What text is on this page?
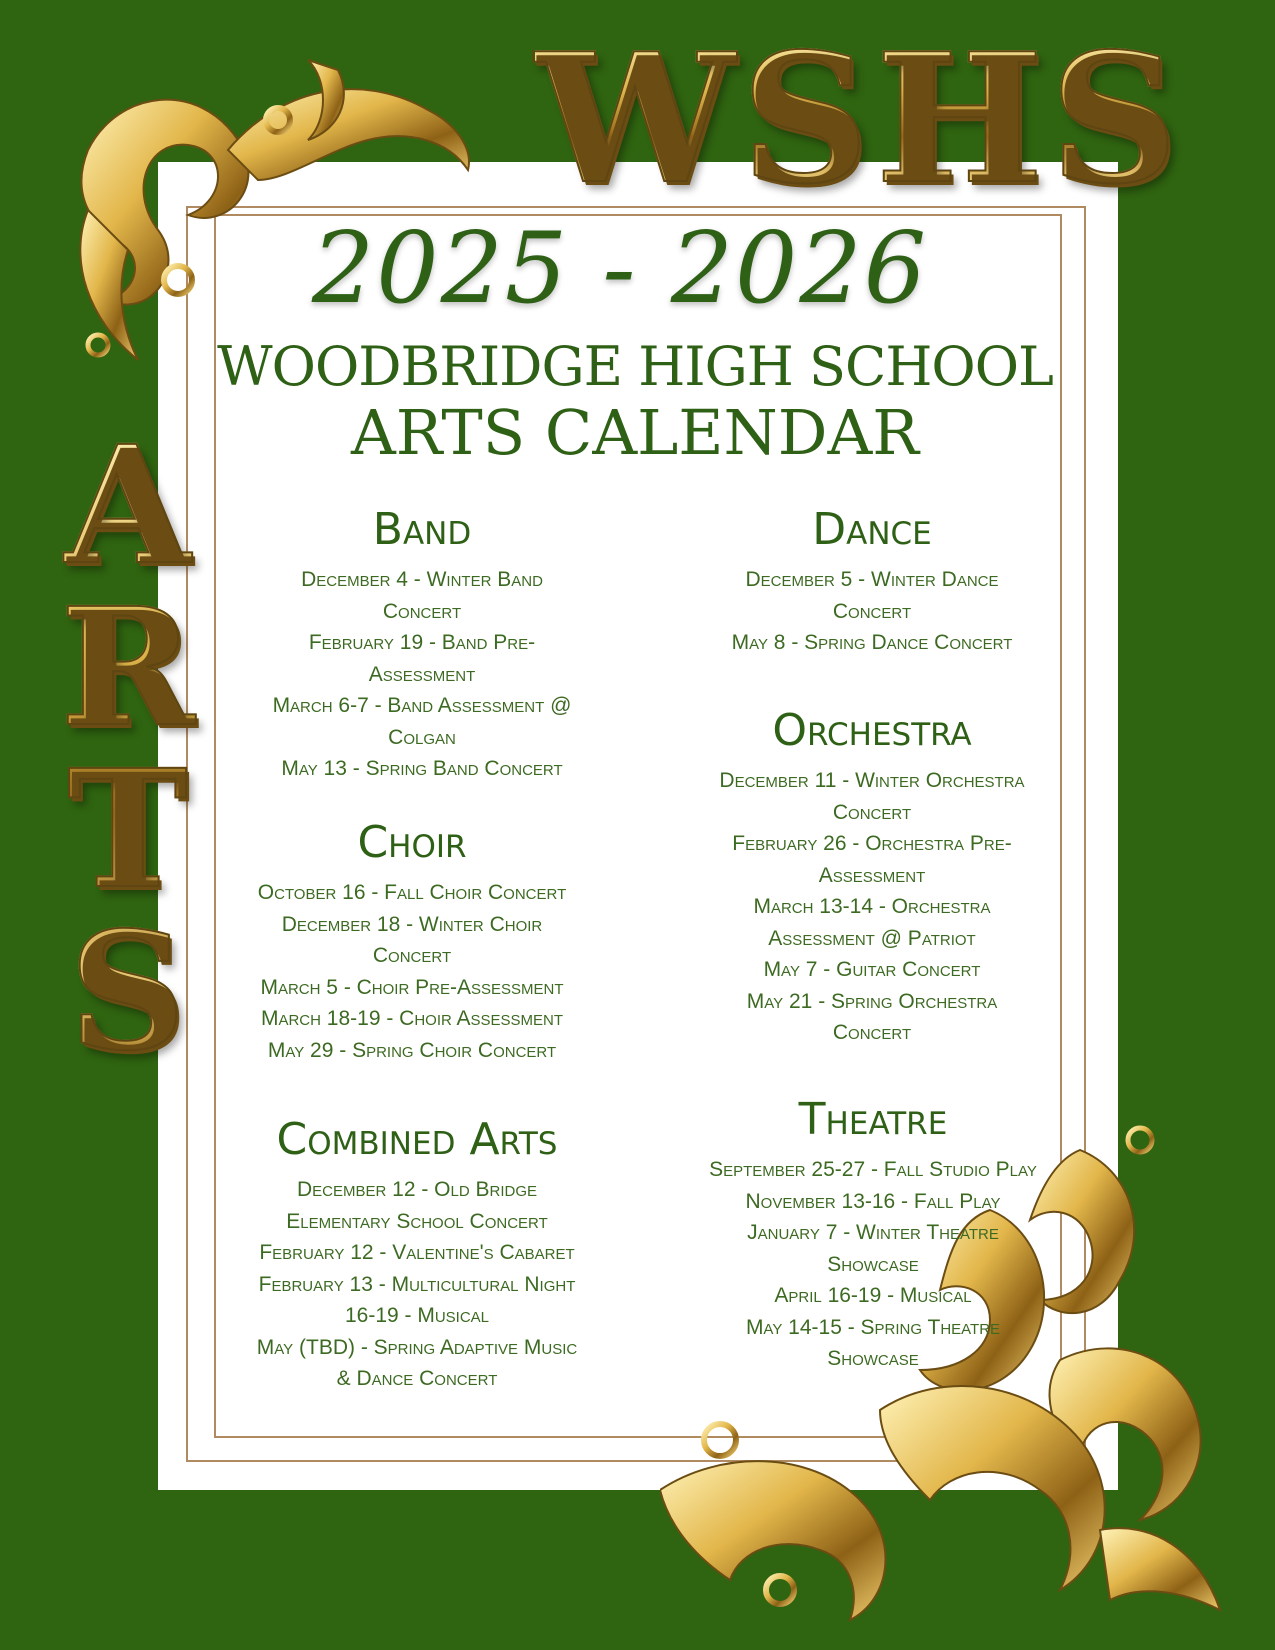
WSHS
A
R
T
S
2025 - 2026
WOODBRIDGE HIGH SCHOOL
ARTS CALENDAR
Band
December 4 - Winter Band
Concert
February 19 - Band Pre-
Assessment
March 6-7 - Band Assessment @
Colgan
May 13 - Spring Band Concert
Choir
October 16 - Fall Choir Concert
December 18 - Winter Choir
Concert
March 5 - Choir Pre-Assessment
March 18-19 - Choir Assessment
May 29 - Spring Choir Concert
Combined Arts
December 12 - Old Bridge
Elementary School Concert
February 12 - Valentine's Cabaret
February 13 - Multicultural Night
16-19 - Musical
May (TBD) - Spring Adaptive Music
& Dance Concert
Dance
December 5 - Winter Dance
Concert
May 8 - Spring Dance Concert
Orchestra
December 11 - Winter Orchestra
Concert
February 26 - Orchestra Pre-
Assessment
March 13-14 - Orchestra
Assessment @ Patriot
May 7 - Guitar Concert
May 21 - Spring Orchestra
Concert
Theatre
September 25-27 - Fall Studio Play
November 13-16 - Fall Play
January 7 - Winter Theatre
Showcase
April 16-19 - Musical
May 14-15 - Spring Theatre
Showcase
